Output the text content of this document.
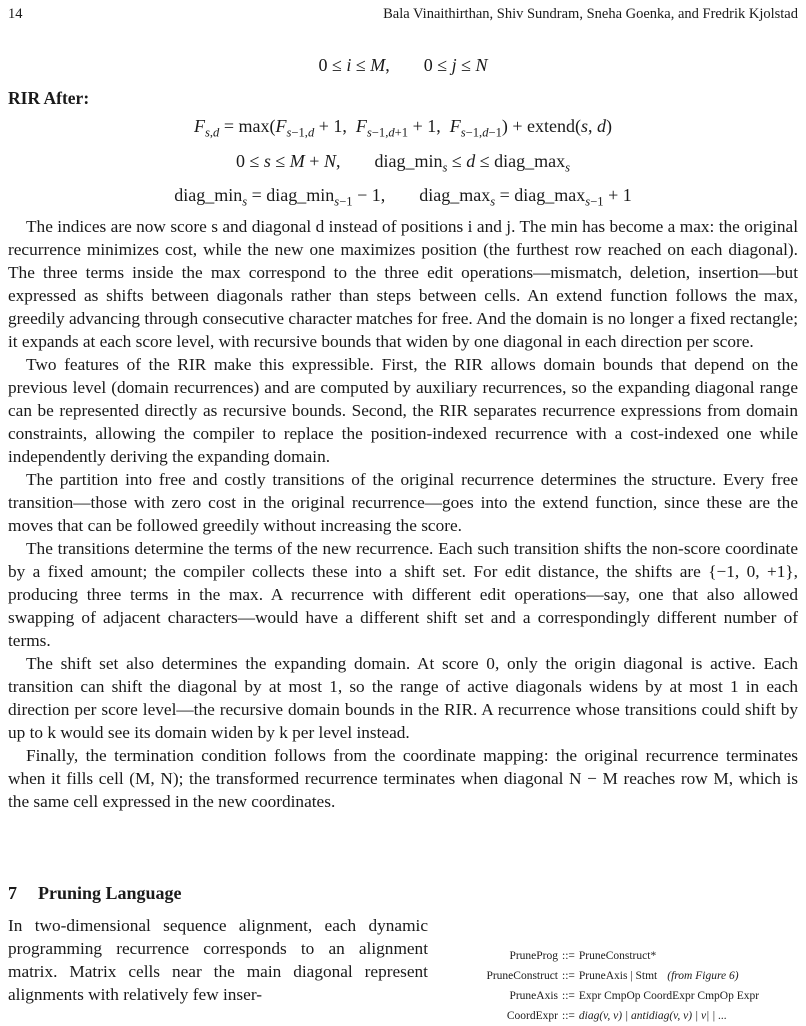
14	Bala Vinaithirthan, Shiv Sundram, Sneha Goenka, and Fredrik Kjolstad
0 ≤ i ≤ M, 0 ≤ j ≤ N
RIR After:
$F_{s,d} = \max(F_{s-1,d} + 1$,  $F_{s-1,d+1} + 1$,  $F_{s-1,d-1}$) + extend(s, d)
0 ≤ s ≤ M + N, $diag\_\min_s \le d$ ≤ $diag\_\max_s$
$diag\_\min_s$ = $diag\_\min_{s-1} - 1$, $diag\_\max_s$ = $diag\_\max_{s-1} + 1$

The indices are now score s and diagonal d instead of positions i and j. The min has become a max: the original recurrence minimizes cost, while the new one maximizes position (the furthest row reached on each diagonal). The three terms inside the max correspond to the three edit operations—mismatch, deletion, insertion—but expressed as shifts between diagonals rather than steps between cells. An extend function follows the max, greedily advancing through consecutive character matches for free. And the domain is no longer a fixed rectangle; it expands at each score level, with recursive bounds that widen by one diagonal in each direction per score.

Two features of the RIR make this expressible. First, the RIR allows domain bounds that depend on the previous level (domain recurrences) and are computed by auxiliary recurrences, so the expanding diagonal range can be represented directly as recursive bounds. Second, the RIR separates recurrence expressions from domain constraints, allowing the compiler to replace the position-indexed recurrence with a cost-indexed one while independently deriving the expanding domain.

The partition into free and costly transitions of the original recurrence determines the structure. Every free transition—those with zero cost in the original recurrence—goes into the extend function, since these are the moves that can be followed greedily without increasing the score.

The transitions determine the terms of the new recurrence. Each such transition shifts the non-score coordinate by a fixed amount; the compiler collects these into a shift set. For edit distance, the shifts are {−1, 0, +1}, producing three terms in the max. A recurrence with different edit operations—say, one that also allowed swapping of adjacent characters—would have a different shift set and a correspondingly different number of terms.

The shift set also determines the expanding domain. At score 0, only the origin diagonal is active. Each transition can shift the diagonal by at most 1, so the range of active diagonals widens by at most 1 in each direction per score level—the recursive domain bounds in the RIR. A recurrence whose transitions could shift by up to k would see its domain widen by k per level instead.

Finally, the termination condition follows from the coordinate mapping: the original recurrence terminates when it fills cell (M, N); the transformed recurrence terminates when diagonal N − M reaches row M, which is the same cell expressed in the new coordinates.

7 Pruning Language

In two-dimensional sequence alignment, each dynamic programming recurrence corresponds to an alignment matrix. Matrix cells near the main diagonal represent alignments with relatively few inser-

PruneProg ::= PruneConstruct*
PruneConstruct ::= PruneAxis | Stmt (from Figure 6)
PruneAxis ::= Expr CmpOp CoordExpr CmpOp Expr
CoordExpr ::= diag(v, v) | antidiag(v, v) | v| | ...
